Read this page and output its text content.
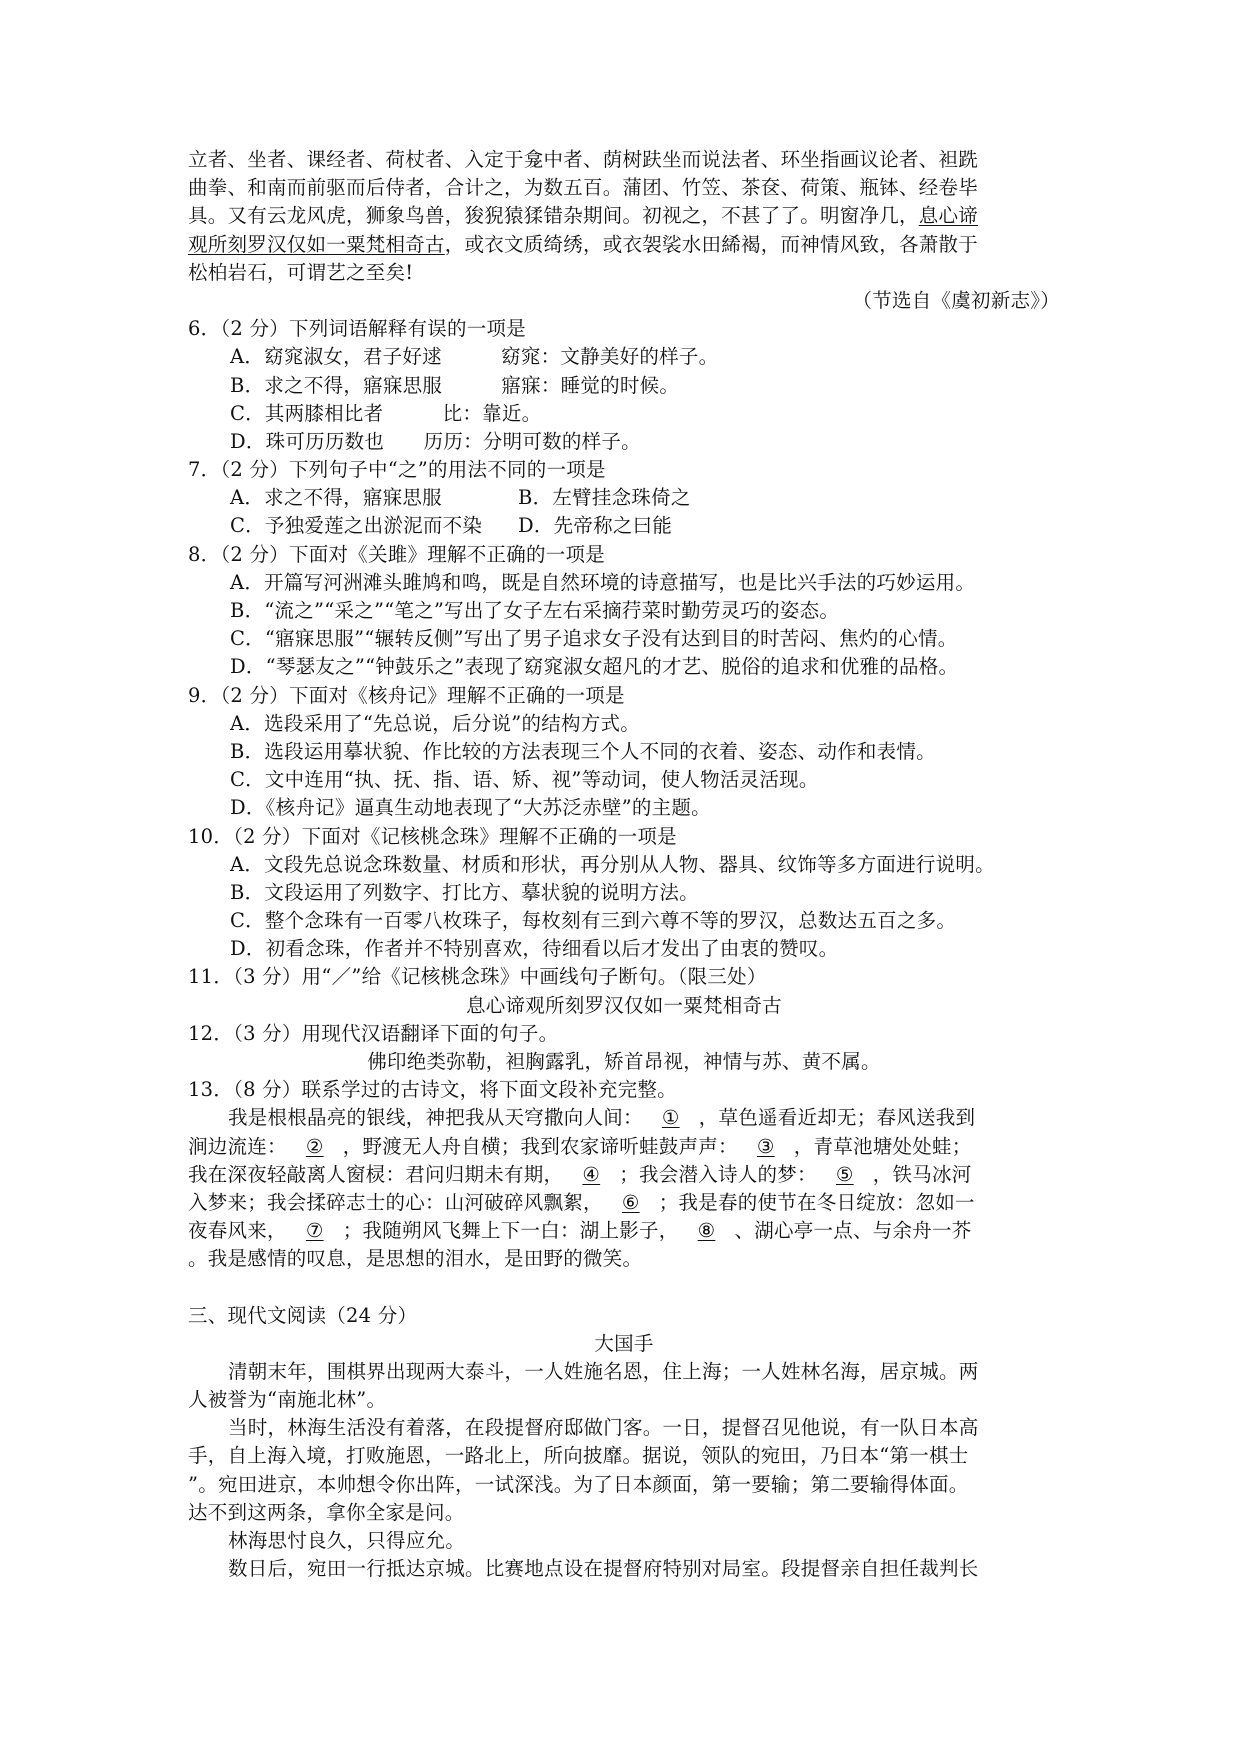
立者、坐者、课经者、荷杖者、入定于龛中者、荫树趺坐而说法者、环坐指画议论者、袒跣
曲拳、和南而前驱而后侍者，合计之，为数五百。蒲团、竹笠、茶奁、荷策、瓶钵、经卷毕
具。又有云龙风虎，狮象鸟兽，狻猊猿猱错杂期间。初视之，不甚了了。明窗净几，息心谛
观所刻罗汉仅如一粟梵相奇古，或衣文质绮绣，或衣袈裟水田絺褐，而神情风致，各萧散于
松柏岩石，可谓艺之至矣!
（节选自《虞初新志》）
6．（2 分）下列词语解释有误的一项是
A．窈窕淑女，君子好逑　　　窈窕：文静美好的样子。
B．求之不得，寤寐思服　　　寤寐：睡觉的时候。
C．其两膝相比者　　　比：靠近。
D．珠可历历数也　　历历：分明可数的样子。
7．（2 分）下列句子中“之”的用法不同的一项是
A．求之不得，寤寐思服	B．左臂挂念珠倚之
C．予独爱莲之出淤泥而不染 D．先帝称之曰能
8．（2 分）下面对《关雎》理解不正确的一项是
A．开篇写河洲滩头雎鸠和鸣，既是自然环境的诗意描写，也是比兴手法的巧妙运用。
B．“流之”“采之”“笔之”写出了女子左右采摘荇菜时勤劳灵巧的姿态。
C．“寤寐思服”“辗转反侧”写出了男子追求女子没有达到目的时苦闷、焦灼的心情。
D．“琴瑟友之”“钟鼓乐之”表现了窈窕淑女超凡的才艺、脱俗的追求和优雅的品格。
9．（2 分）下面对《核舟记》理解不正确的一项是
A．选段采用了“先总说，后分说”的结构方式。
B．选段运用摹状貌、作比较的方法表现三个人不同的衣着、姿态、动作和表情。
C．文中连用“执、抚、指、语、矫、视”等动词，使人物活灵活现。
D．《核舟记》逼真生动地表现了“大苏泛赤壁”的主题。
10．（2 分）下面对《记核桃念珠》理解不正确的一项是
A．文段先总说念珠数量、材质和形状，再分别从人物、器具、纹饰等多方面进行说明。
B．文段运用了列数字、打比方、摹状貌的说明方法。
C．整个念珠有一百零八枚珠子，每枚刻有三到六尊不等的罗汉，总数达五百之多。
D．初看念珠，作者并不特别喜欢，待细看以后才发出了由衷的赞叹。
11．（3 分）用“／”给《记核桃念珠》中画线句子断句。（限三处）
息心谛观所刻罗汉仅如一粟梵相奇古
12．（3 分）用现代汉语翻译下面的句子。
佛印绝类弥勒，袒胸露乳，矫首昂视，神情与苏、黄不属。
13．（8 分）联系学过的古诗文，将下面文段补充完整。
我是根根晶亮的银线，神把我从天穹撒向人间： ① ，草色遥看近却无；春风送我到
涧边流连： ② ，野渡无人舟自横；我到农家谛听蛙鼓声声： ③ ，青草池塘处处蛙；
我在深夜轻敲离人窗棂：君问归期未有期， ④ ；我会潜入诗人的梦： ⑤ ，铁马冰河
入梦来；我会揉碎志士的心：山河破碎风飘絮， ⑥ ；我是春的使节在冬日绽放：忽如一
夜春风来， ⑦ ；我随朔风飞舞上下一白：湖上影子， ⑧ 、湖心亭一点、与余舟一芥
。我是感情的叹息，是思想的泪水，是田野的微笑。
三、现代文阅读（24 分）
大国手
清朝末年，围棋界出现两大泰斗，一人姓施名恩，住上海；一人姓林名海，居京城。两
人被誉为“南施北林”。
当时，林海生活没有着落，在段提督府邸做门客。一日，提督召见他说，有一队日本高
手，自上海入境，打败施恩，一路北上，所向披靡。据说，领队的宛田，乃日本“第一棋士
”。宛田进京，本帅想令你出阵，一试深浅。为了日本颜面，第一要输；第二要输得体面。
达不到这两条，拿你全家是问。
林海思忖良久，只得应允。
数日后，宛田一行抵达京城。比赛地点设在提督府特别对局室。段提督亲自担任裁判长
